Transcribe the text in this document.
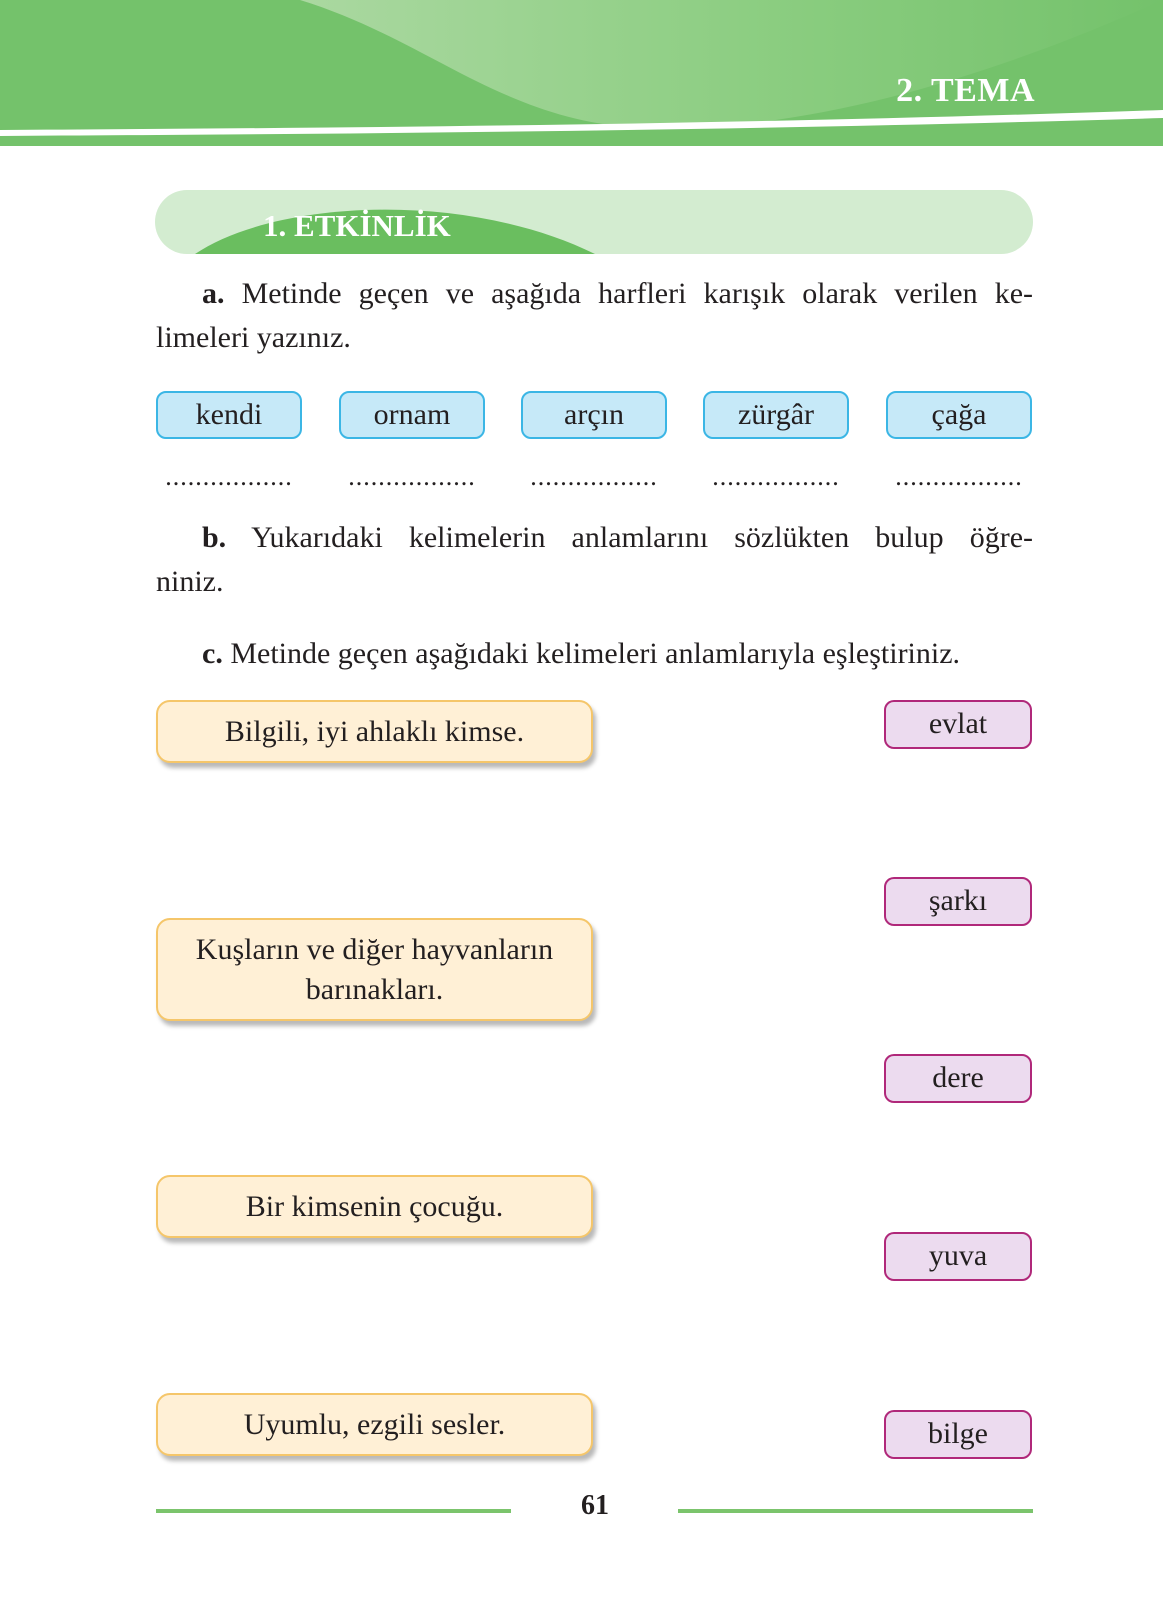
2. TEMA
1. ETKİNLİK
a. Metinde geçen ve aşağıda harfleri karışık olarak verilen ke-
limeleri yazınız.
kendi	ornam	arçın	zürgâr	çağa
.................	.................	.................	.................	.................
b. Yukarıdaki kelimelerin anlamlarını sözlükten bulup öğre-
niniz.
c. Metinde geçen aşağıdaki kelimeleri anlamlarıyla eşleştiriniz.
Bilgili, iyi ahlaklı kimse.
Kuşların ve diğer hayvanların barınakları.
Bir kimsenin çocuğu.
Uyumlu, ezgili sesler.
evlat
şarkı
dere
yuva
bilge
61
